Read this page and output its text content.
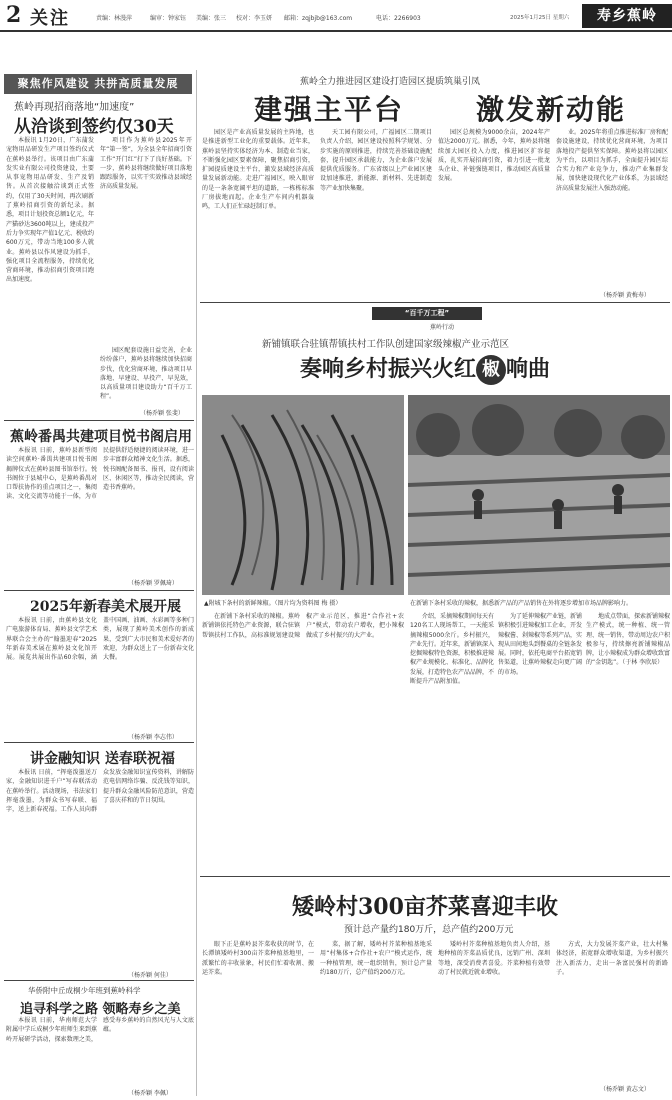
2 关注	责编：林漫萍	编审：钟家钰 美编：张三 校对：李玉妍 邮箱：zqjbjb@163.com	电话：2266903	寿乡蕉岭
2025年1月25日 星期六
聚焦作风建设 共拼高质量发展
蕉岭再现招商落地“加速度”
从洽谈到签约仅30天
本报讯 1月20日，广东蒲发宠物用品研发生产项目签约仪式在蕉岭县举行。该项目由广东蒲发实业有限公司投资建设，主要从事宠物用品研发、生产及销售。从首次接触洽谈到正式签约，仅用了30天时间，再次刷新了蕉岭招商引资的新纪录。据悉，项目计划投资总额1亿元，年产猫砂达3600吨以上，建成投产后力争实现年产值1亿元、税收约600万元，带动当地100多人就业。蕉岭县以作风建设为抓手，强化项目全流程服务，持续优化营商环境，推动招商引资项目跑出加速度。
项目作为蕉岭县2025年开年“第一签”，为全县全年招商引资工作“开门红”打下了良好基础。下一步，蕉岭县将继续做好项目落地跟踪服务，以实干实效推动县域经济高质量发展。
园区配套设施日益完善，企业纷纷落户，蕉岭县将继续加快招商步伐，优化营商环境，推动项目早落地、早建设、早投产、早见效，以高质量项目建设助力“百千万工程”。
（杨乔颖 张斐）
蕉岭番禺共建项目悦书阁启用
本报讯 日前，蕉岭县新型阅读空间蕉岭·番禺共建项目悦书阁揭牌仪式在蕉岭县图书馆举行。悦书阁位于县城中心，是蕉岭番禺对口帮扶协作的重点项目之一，集阅读、文化交流等功能于一体，为市民提供舒适便捷的阅读环境，进一步丰富群众精神文化生活。据悉，悦书阁配备图书、报刊，设有阅读区、休闲区等，推动全民阅读，营造书香蕉岭。
（杨乔颖 罗佩琦）
2025年新春美术展开展
本报讯 日前，由蕉岭县文化广电旅游体育局、蕉岭县文学艺术界联合会主办的“翰墨迎春”2025年新春美术展在蕉岭县文化馆开展。展览共展出作品60余幅，涵盖中国画、油画、水彩画等多种门类，展现了蕉岭美术创作的新成果，受到广大市民和美术爱好者的欢迎，为群众送上了一份新春文化大餐。
（杨乔颖 李志伟）
讲金融知识 送春联祝福
本报讯 日前，“挥毫泼墨送万家，金融知识进千户”写春联活动在蕉岭举行。活动现场，书法家们挥毫泼墨，为群众书写春联、福字，送上新春祝福。工作人员向群众发放金融知识宣传资料，讲解防范电信网络诈骗、反洗钱等知识，提升群众金融风险防范意识，营造了喜庆祥和的节日氛围。
（杨乔颖 何佳）
华侨附中丘成桐少年班到蕉岭科学
追寻科学之路 领略寿乡之美
本报讯 日前，华南师范大学附属中学丘成桐少年班师生来到蕉岭开展研学活动，探索数理之美，感受寿乡蕉岭的自然风光与人文底蕴。
（杨乔颖 李佩）
蕉岭全力推进园区建设打造园区提质筑巢引凤
建强主平台	激发新动能
园区是产业高质量发展的主阵地，也是推进新型工业化的重要载体。近年来，蕉岭县坚持实体经济为本、制造业当家，不断强化园区要素保障，聚焦招商引资，扩园提质建设主平台，激发县域经济高质量发展新动能。走进广福园区，映入眼帘的是一条条宽阔平坦的道路，一栋栋标准厂房拔地而起。企业生产车间内机器轰鸣，工人们正忙碌赶制订单。
天工园有限公司，广福园区二期项目负责人介绍，园区建设按照科学规划、分步实施的原则推进，持续完善基础设施配套，提升园区承载能力，为企业落户发展提供优质服务。广东省级以上产业园区建设加速推进，新能源、新材料、先进制造等产业加快集聚。
园区总规模为9000余亩，2024年产值达2000万元。据悉，今年，蕉岭县将继续加大园区投入力度，推进园区扩容提质，扎实开展招商引资，着力引进一批龙头企业、补链强链项目，推动园区高质量发展。
业。2025年将重点推进标准厂房和配套设施建设，持续优化营商环境，为项目落地投产提供坚实保障。蕉岭县将以园区为平台，以项目为抓手，全面提升园区综合实力和产业竞争力，推动产业集群发展，加快建设现代化产业体系，为县域经济高质量发展注入强劲动能。
（杨乔颖 黄梅寿）
“百千万工程”
蕉岭行动
新铺镇联合驻镇帮镇扶村工作队创建国家级辣椒产业示范区
奏响乡村振兴火红 椒 响曲
▲附城下条村的新鲜辣椒。（图片均为资料图 梅 摄）
在新铺下条村采收的辣椒。蕉岭新铺镇依托特色产业资源，联合驻镇帮镇扶村工作队，高标准规划建设辣椒产业示范区，推进“合作社+农户”模式，带动农户增收，把小辣椒做成了乡村振兴的大产业。
在新铺下条村采收的辣椒，据悉新产品的产品销售在外将逐步增加市场品牌影响力。
介绍，采摘辣椒期间每天有120名工人现场帮工，一天能采摘辣椒5000余斤。乡村振兴，产业先行。近年来，新铺镇深入挖掘辣椒特色资源，积极推进辣椒产业规模化、标准化、品牌化发展，打造特色农产品品牌，不断提升产品附加值。
为了延伸辣椒产业链，新铺镇积极引进辣椒加工企业，开发辣椒酱、剁辣椒等系列产品，实现从田间地头到餐桌的全链条发展。同时，依托电商平台拓宽销售渠道，让蕉岭辣椒走向更广阔的市场。
地成点带面，探索新铺辣椒生产模式，统一种植、统一管理、统一销售，带动周边农户积极参与，持续擦亮新铺辣椒品牌，让小辣椒成为群众增收致富的“金钥匙”。（于林 李欣辰）
矮岭村300亩芥菜喜迎丰收
预计总产量约180万斤，总产值约200万元
眼下正是蕉岭县芥菜收获的时节，在长潭镇矮岭村300亩芥菜种植基地里，一派繁忙的丰收景象，村民们忙着收割、搬运芥菜。
菜，据了解，矮岭村芥菜种植基地采用“村集体+合作社+农户”模式运作，统一种植管理，统一组织销售，预计总产量约180万斤，总产值约200万元。
矮岭村芥菜种植基地负责人介绍，基地种植的芥菜品质优良，远销广州、深圳等地，深受消费者喜爱。芥菜种植有效带动了村民就近就业增收。
方式，大力发展芥菜产业，壮大村集体经济，拓宽群众增收渠道，为乡村振兴注入新活力，走出一条富民强村的新路子。
（杨乔颖 黄志文）
